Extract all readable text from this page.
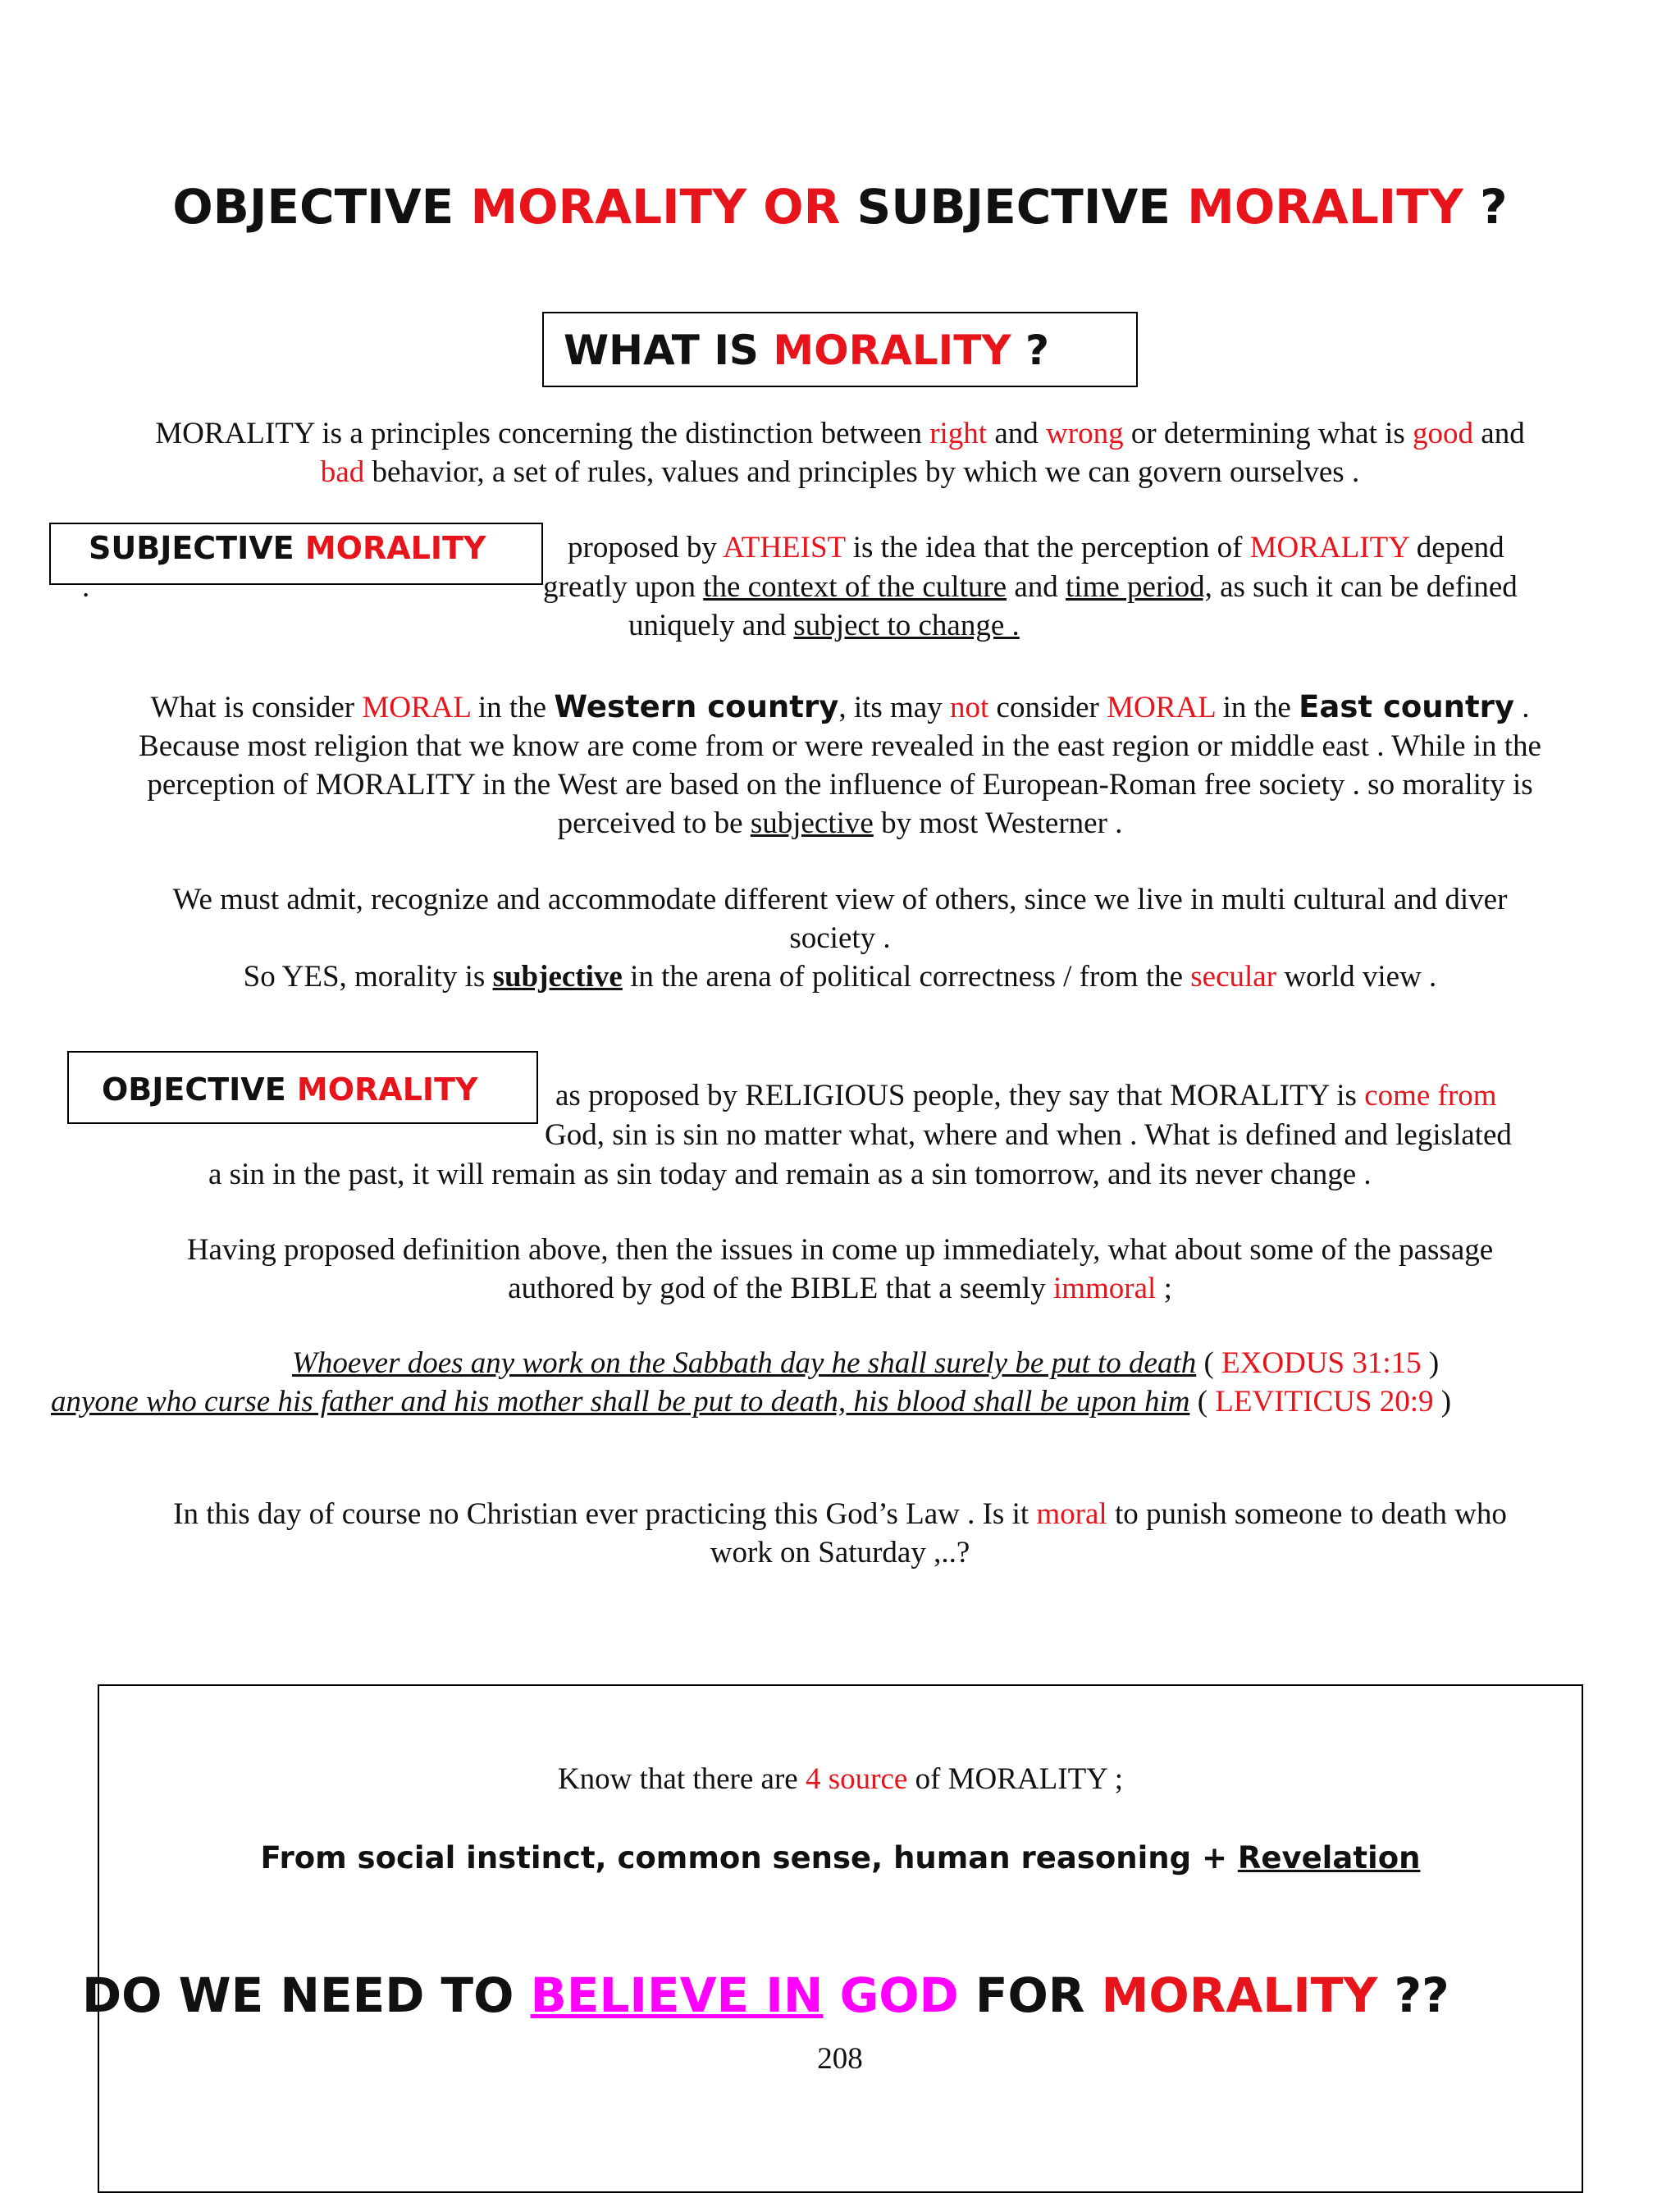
OBJECTIVE MORALITY OR SUBJECTIVE MORALITY ?
WHAT IS MORALITY ?
MORALITY is a principles concerning the distinction between right and wrong or determining what is good and
bad behavior, a set of rules, values and principles by which we can govern ourselves .
SUBJECTIVE MORALITY	proposed by ATHEIST is the idea that the perception of MORALITY depend
.	greatly upon the context of the culture and time period, as such it can be defined
uniquely and subject to change .
What is consider MORAL in the Western country, its may not consider MORAL in the East country .
Because most religion that we know are come from or were revealed in the east region or middle east . While in the
perception of MORALITY in the West are based on the influence of European-Roman free society . so morality is
perceived to be subjective by most Westerner .
We must admit, recognize and accommodate different view of others, since we live in multi cultural and diver
society .
So YES, morality is subjective in the arena of political correctness / from the secular world view .
OBJECTIVE MORALITY	as proposed by RELIGIOUS people, they say that MORALITY is come from
God, sin is sin no matter what, where and when . What is defined and legislated
a sin in the past, it will remain as sin today and remain as a sin tomorrow, and its never change .
Having proposed definition above, then the issues in come up immediately, what about some of the passage
authored by god of the BIBLE that a seemly immoral ;
Whoever does any work on the Sabbath day he shall surely be put to death ( EXODUS 31:15 )
anyone who curse his father and his mother shall be put to death, his blood shall be upon him ( LEVITICUS 20:9 )
In this day of course no Christian ever practicing this God’s Law . Is it moral to punish someone to death who
work on Saturday ,..?
Know that there are 4 source of MORALITY ;
From social instinct, common sense, human reasoning + Revelation
DO WE NEED TO BELIEVE IN GOD FOR MORALITY ??
208
